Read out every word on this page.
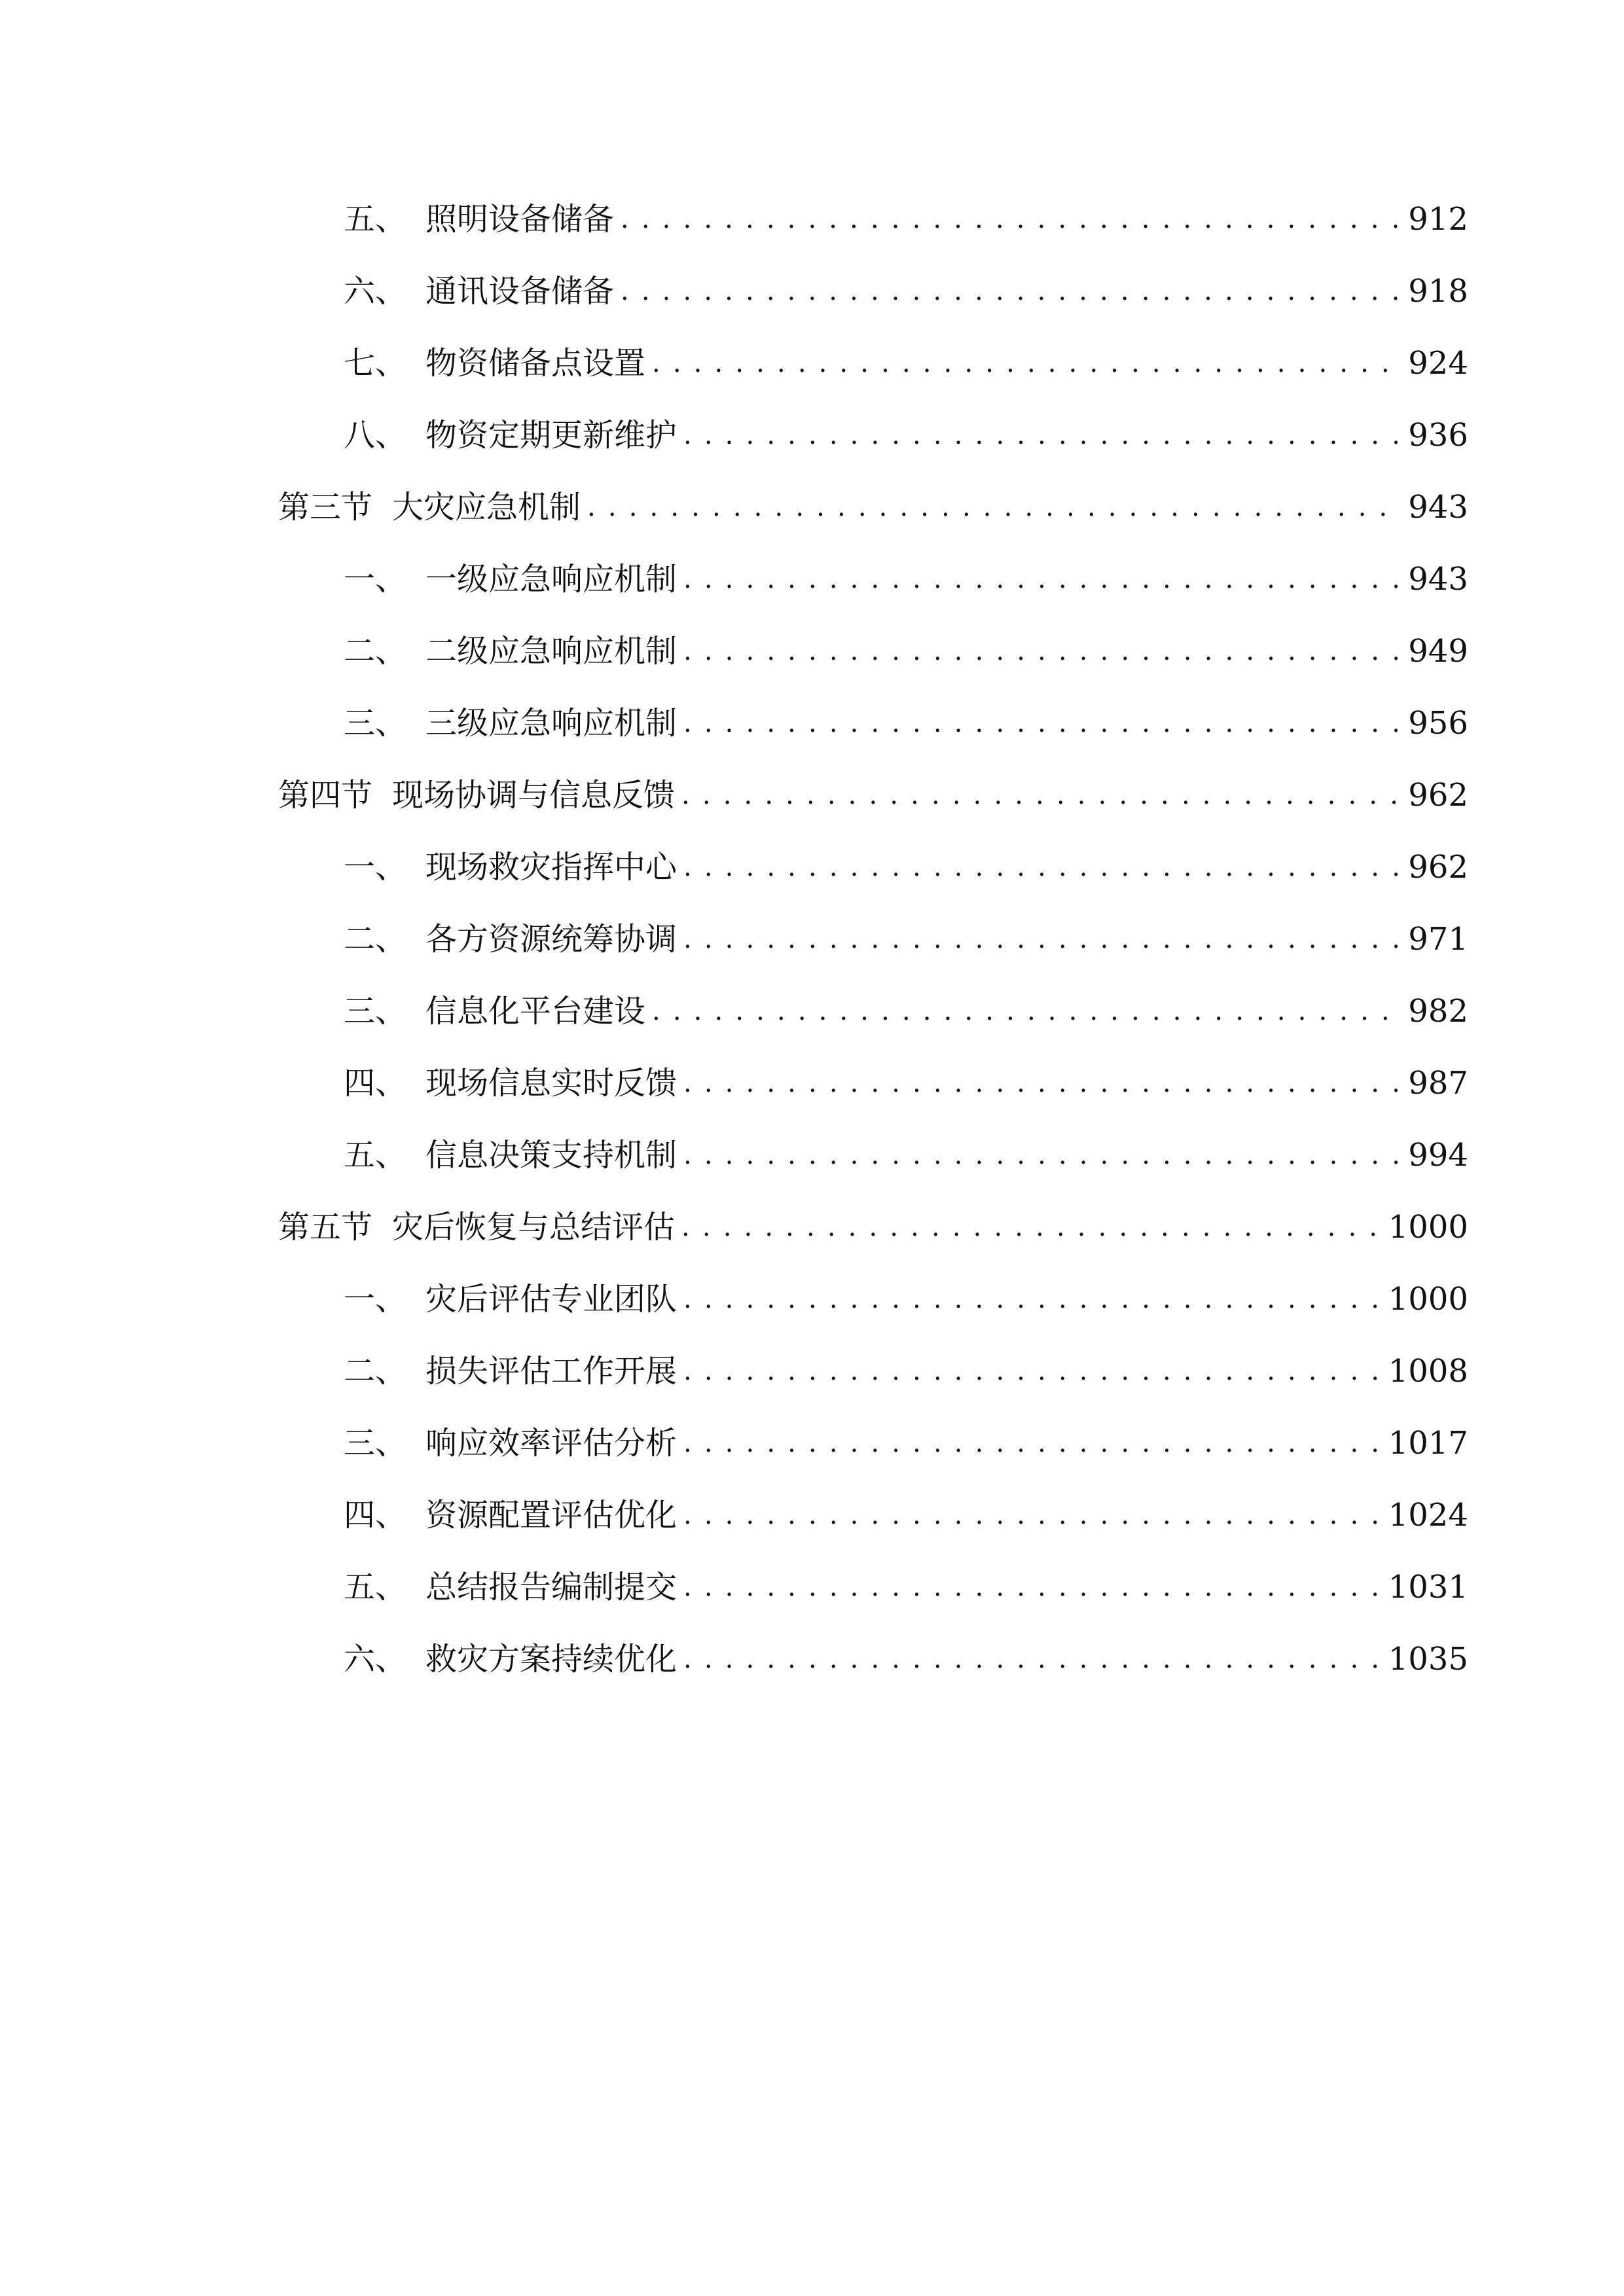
五、 照明设备储备 . . .	912
六、 通讯设备储备 . . .	918
七、 物资储备点设置 . . .	924
八、 物资定期更新维护 . . .	936
第三节 大灾应急机制 . . .	943
一、 一级应急响应机制 . . .	943
二、 二级应急响应机制 . . .	949
三、 三级应急响应机制 . . .	956
第四节 现场协调与信息反馈 . . .	962
一、 现场救灾指挥中心 . . .	962
二、 各方资源统筹协调 . . .	971
三、 信息化平台建设 . . .	982
四、 现场信息实时反馈 . . .	987
五、 信息决策支持机制 . . .	994
第五节 灾后恢复与总结评估 . . .	1000
一、 灾后评估专业团队 . . .	1000
二、 损失评估工作开展 . . .	1008
三、 响应效率评估分析 . . .	1017
四、 资源配置评估优化 . . .	1024
五、 总结报告编制提交 . . .	1031
六、 救灾方案持续优化 . . .	1035
